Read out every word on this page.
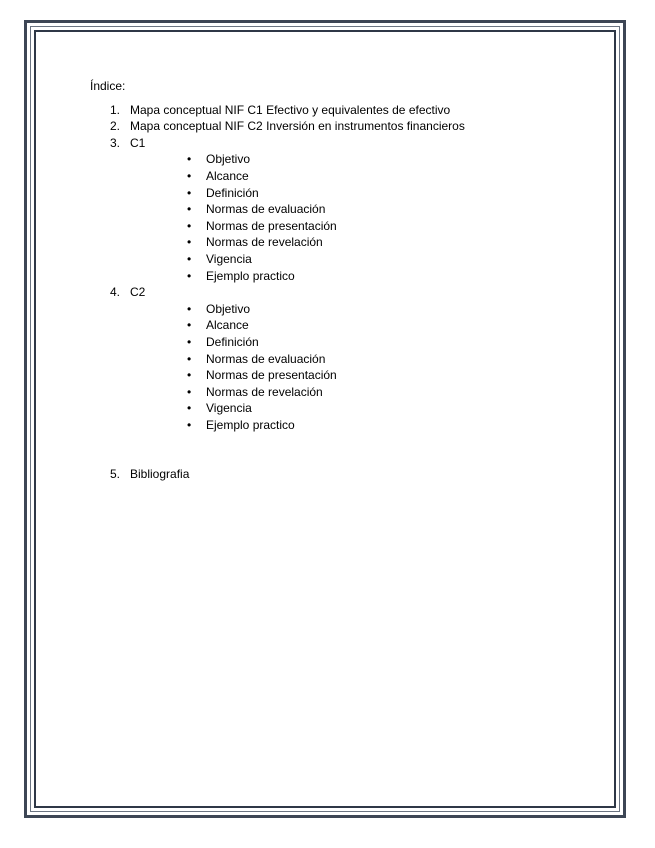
Índice:
1. Mapa conceptual NIF C1 Efectivo y equivalentes de efectivo
2. Mapa conceptual NIF C2 Inversión en instrumentos financieros
3. C1
• Objetivo
• Alcance
• Definición
• Normas de evaluación
• Normas de presentación
• Normas de revelación
• Vigencia
• Ejemplo practico
4. C2
• Objetivo
• Alcance
• Definición
• Normas de evaluación
• Normas de presentación
• Normas de revelación
• Vigencia
• Ejemplo practico
5. Bibliografia
